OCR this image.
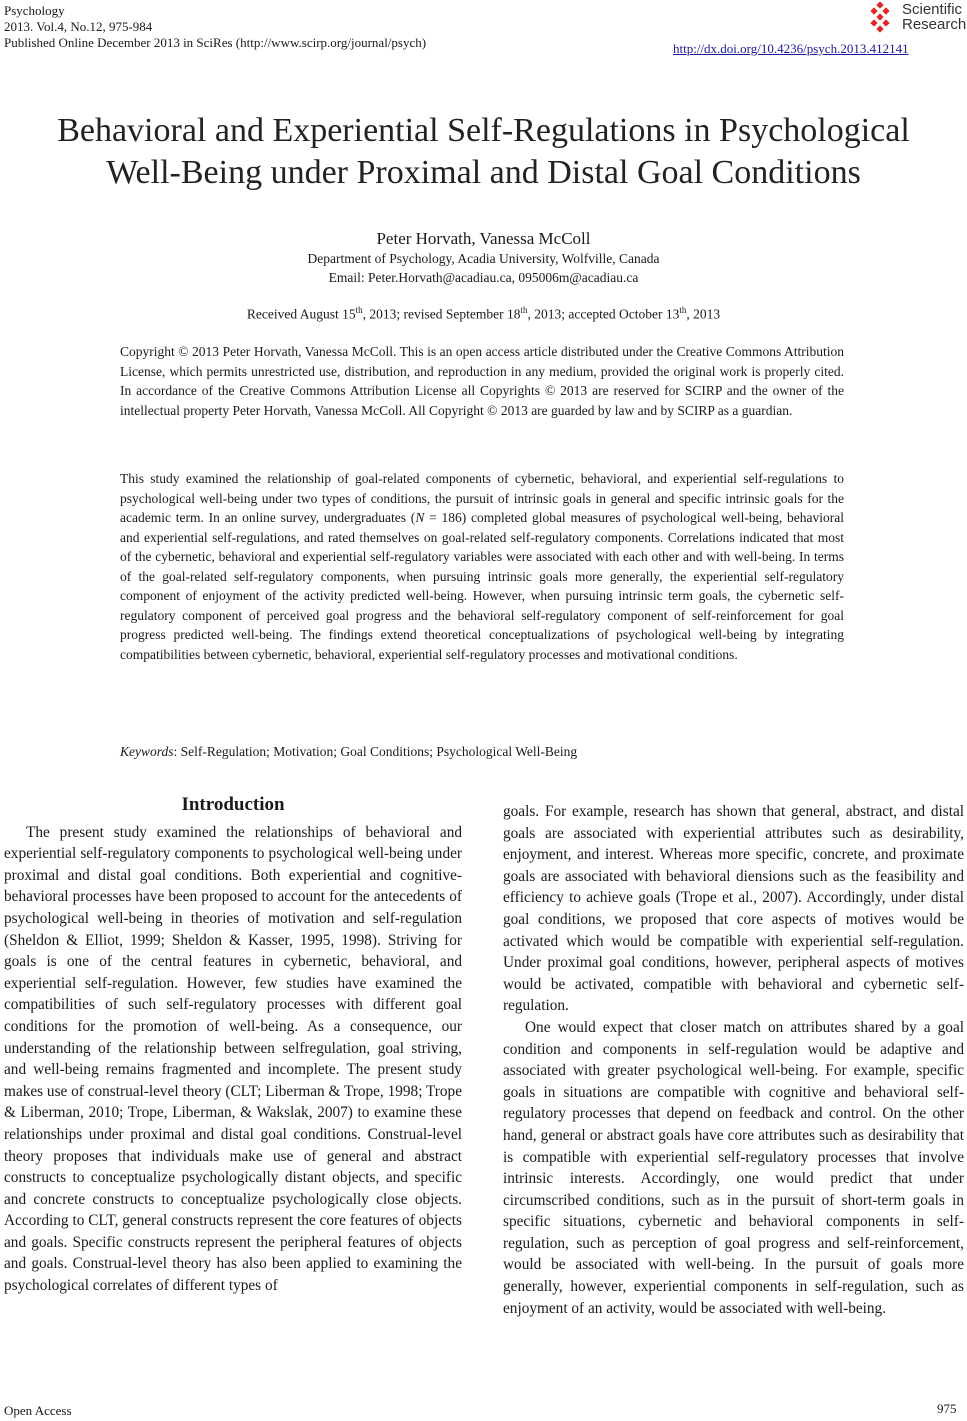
Psychology
2013. Vol.4, No.12, 975-984
Published Online December 2013 in SciRes (http://www.scirp.org/journal/psych)
Scientific
Research
http://dx.doi.org/10.4236/psych.2013.412141
Behavioral and Experiential Self-Regulations in Psychological
Well-Being under Proximal and Distal Goal Conditions
Peter Horvath, Vanessa McColl
Department of Psychology, Acadia University, Wolfville, Canada
Email: Peter.Horvath@acadiau.ca, 095006m@acadiau.ca
Received August 15th, 2013; revised September 18th, 2013; accepted October 13th, 2013
Copyright © 2013 Peter Horvath, Vanessa McColl. This is an open access article distributed under the Creative Commons Attribution License, which permits unrestricted use, distribution, and reproduction in any medium, provided the original work is properly cited. In accordance of the Creative Commons Attribution License all Copyrights © 2013 are reserved for SCIRP and the owner of the intellectual property Peter Horvath, Vanessa McColl. All Copyright © 2013 are guarded by law and by SCIRP as a guardian.
This study examined the relationship of goal-related components of cybernetic, behavioral, and experiential self-regulations to psychological well-being under two types of conditions, the pursuit of intrinsic goals in general and specific intrinsic goals for the academic term. In an online survey, undergraduates (N = 186) completed global measures of psychological well-being, behavioral and experiential self-regulations, and rated themselves on goal-related self-regulatory components. Correlations indicated that most of the cybernetic, behavioral and experiential self-regulatory variables were associated with each other and with well-being. In terms of the goal-related self-regulatory components, when pursuing intrinsic goals more generally, the experiential self-regulatory component of enjoyment of the activity predicted well-being. However, when pursuing intrinsic term goals, the cybernetic self-regulatory component of perceived goal progress and the behavioral self-regulatory component of self-reinforcement for goal progress predicted well-being. The findings extend theoretical conceptualizations of psychological well-being by integrating compatibilities between cybernetic, behavioral, experiential self-regulatory processes and motivational conditions.
Keywords: Self-Regulation; Motivation; Goal Conditions; Psychological Well-Being
Introduction

The present study examined the relationships of behavioral and experiential self-regulatory components to psychological well-being under proximal and distal goal conditions. Both experiential and cognitive-behavioral processes have been proposed to account for the antecedents of psychological well-being in theories of motivation and self-regulation (Sheldon & Elliot, 1999; Sheldon & Kasser, 1995, 1998). Striving for goals is one of the central features in cybernetic, behavioral, and experiential self-regulation. However, few studies have examined the compatibilities of such self-regulatory processes with different goal conditions for the promotion of well-being. As a consequence, our understanding of the relationship between selfregulation, goal striving, and well-being remains fragmented and incomplete. The present study makes use of construal-level theory (CLT; Liberman & Trope, 1998; Trope & Liberman, 2010; Trope, Liberman, & Wakslak, 2007) to examine these relationships under proximal and distal goal conditions. Construal-level theory proposes that individuals make use of general and abstract constructs to conceptualize psychologically distant objects, and specific and concrete constructs to conceptualize psychologically close objects. According to CLT, general constructs represent the core features of objects and goals. Specific constructs represent the peripheral features of objects and goals. Construal-level theory has also been applied to examining the psychological correlates of different types of

goals. For example, research has shown that general, abstract, and distal goals are associated with experiential attributes such as desirability, enjoyment, and interest. Whereas more specific, concrete, and proximate goals are associated with behavioral diensions such as the feasibility and efficiency to achieve goals (Trope et al., 2007). Accordingly, under distal goal conditions, we proposed that core aspects of motives would be activated which would be compatible with experiential self-regulation. Under proximal goal conditions, however, peripheral aspects of motives would be activated, compatible with behavioral and cybernetic self-regulation.

One would expect that closer match on attributes shared by a goal condition and components in self-regulation would be adaptive and associated with greater psychological well-being. For example, specific goals in situations are compatible with cognitive and behavioral self-regulatory processes that depend on feedback and control. On the other hand, general or abstract goals have core attributes such as desirability that is compatible with experiential self-regulatory processes that involve intrinsic interests. Accordingly, one would predict that under circumscribed conditions, such as in the pursuit of short-term goals in specific situations, cybernetic and behavioral components in self-regulation, such as perception of goal progress and self-reinforcement, would be associated with well-being. In the pursuit of goals more generally, however, experiential components in self-regulation, such as enjoyment of an activity, would be associated with well-being.

Open Access	975
